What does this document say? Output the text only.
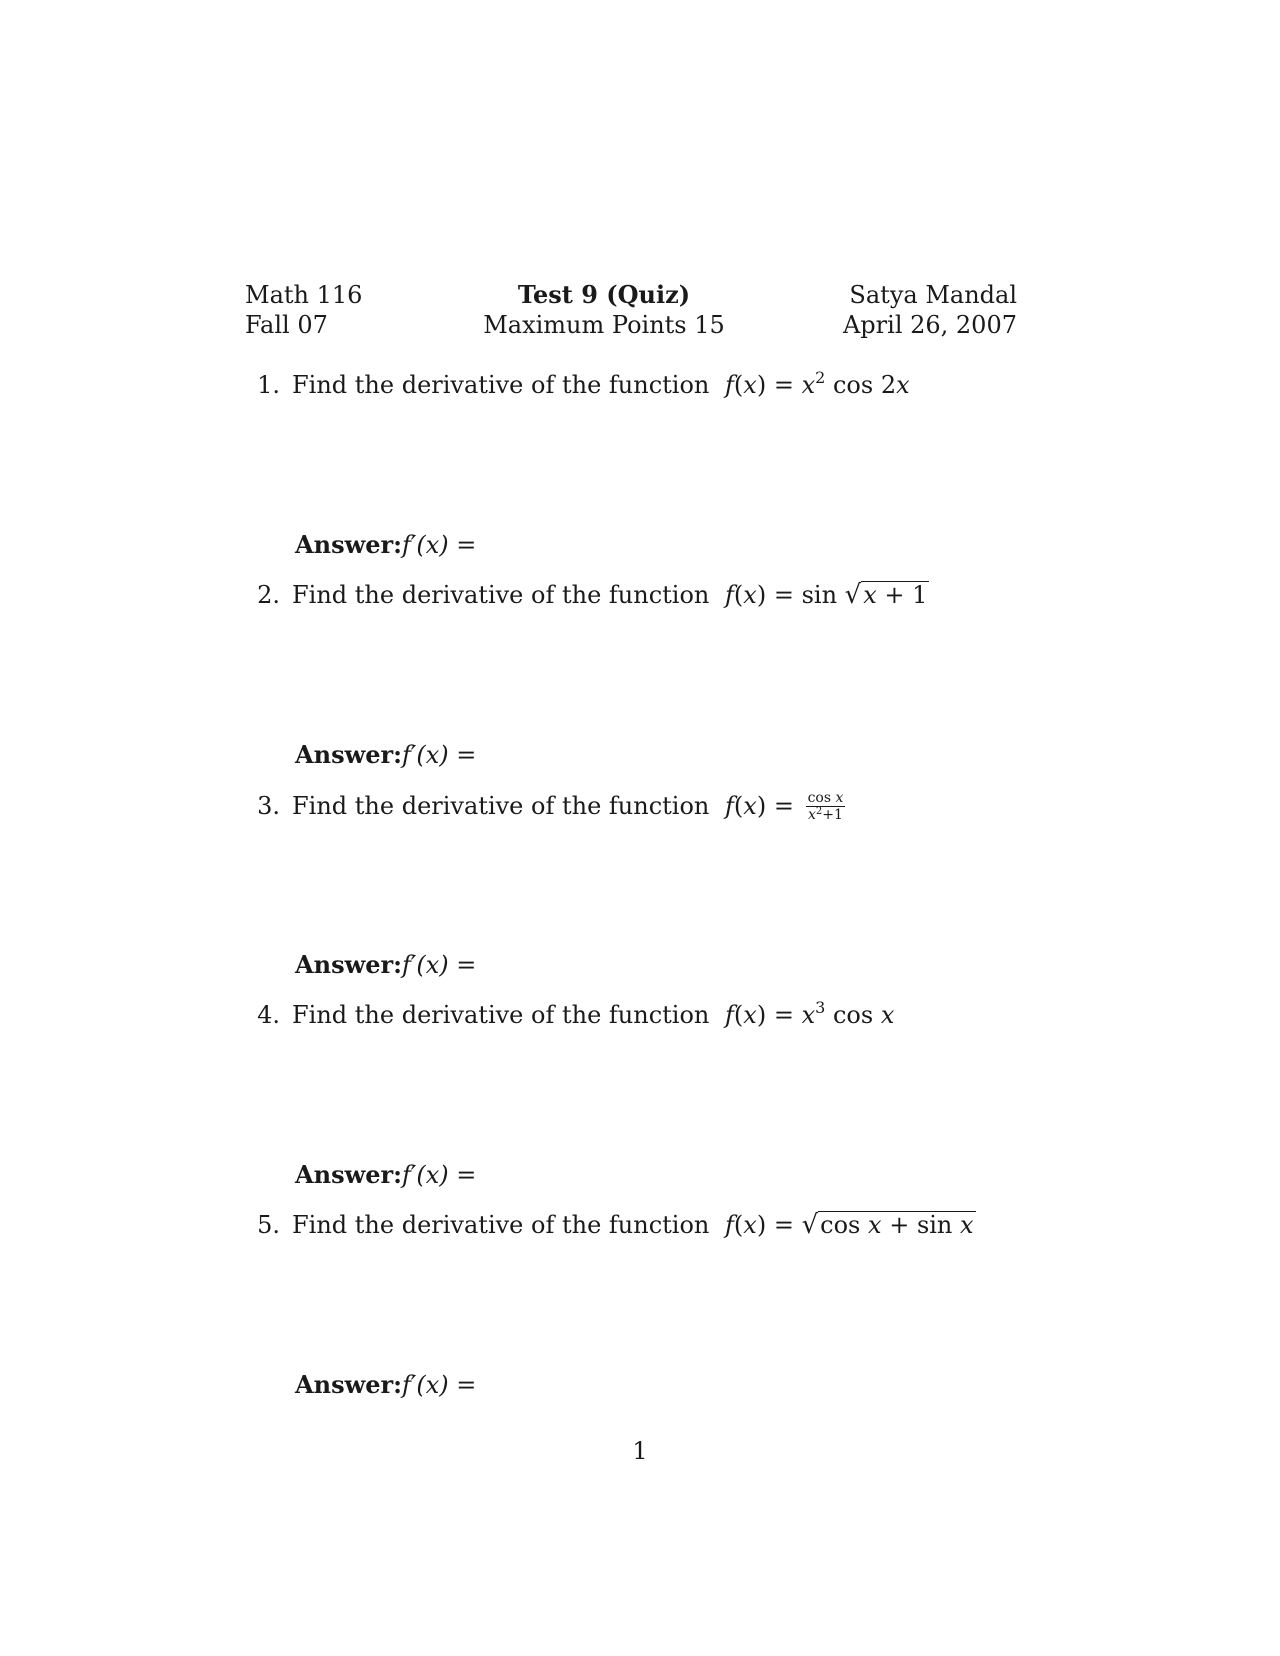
Math 116
Fall 07
Test 9 (Quiz)
Maximum Points 15
Satya Mandal
April 26, 2007
1. Find the derivative of the function $f(x) = x^2$ cos 2x
Answer:f′(x) =
2. Find the derivative of the function f(x) = sin √x + 1
Answer:f′(x) =
3. Find the derivative of the function $f(x) = \frac{\text{cos x}}{x^2+1}$
Answer:f′(x) =
4. Find the derivative of the function $f(x) = x^3$ cos x
Answer:f′(x) =
5. Find the derivative of the function f(x) = √cos x + sin x
Answer:f′(x) =
1
